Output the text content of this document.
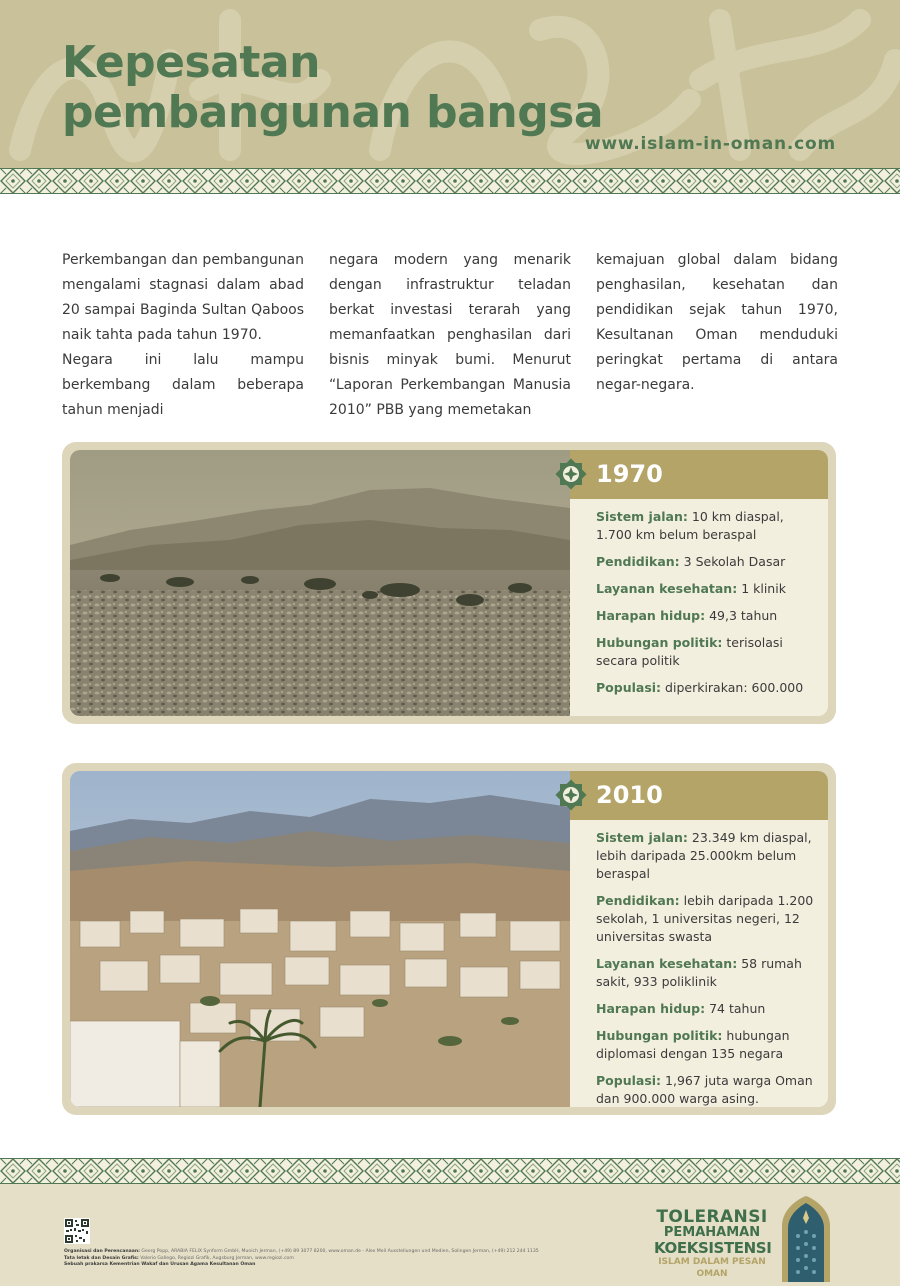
Kepesatan
pembangunan bangsa
www.islam-in-oman.com

Perkembangan dan pembangunan mengalami stagnasi dalam abad 20 sampai Baginda Sultan Qaboos naik tahta pada tahun 1970.

Negara ini lalu mampu berkembang dalam beberapa tahun menjadi

negara modern yang menarik dengan infrastruktur teladan berkat investasi terarah yang memanfaatkan penghasilan dari bisnis minyak bumi. Menurut “Laporan Perkembangan Manusia 2010” PBB yang memetakan

kemajuan global dalam bidang penghasilan, kesehatan dan pendidikan sejak tahun 1970, Kesultanan Oman menduduki peringkat pertama di antara negar-negara.

1970
Sistem jalan: 10 km diaspal, 1.700 km belum beraspal
Pendidikan: 3 Sekolah Dasar
Layanan kesehatan: 1 klinik
Harapan hidup: 49,3 tahun
Hubungan politik: terisolasi secara politik
Populasi: diperkirakan: 600.000
2010
Sistem jalan: 23.349 km diaspal, lebih daripada 25.000km belum beraspal
Pendidikan: lebih daripada 1.200 sekolah, 1 universitas negeri, 12 universitas swasta
Layanan kesehatan: 58 rumah sakit, 933 poliklinik
Harapan hidup: 74 tahun
Hubungan politik: hubungan diplomasi dengan 135 negara
Populasi: 1,967 juta warga Oman dan 900.000 warga asing.
Organisasi dan Perencanaan: Georg Popp, ARABIA FELIX Synform GmbH, Munich Jerman, (+49) 89 3077 8200, www.oman.de - Alex Meil Ausstellungen und Medien, Solingen Jerman, (+49) 212 244 1135
Tata letak dan Desain Grafis: Valerio Gallego, Regiozi Grafik, Augsburg Jerman, www.regiozi.com
Sebuah prakarsa Kementrian Wakaf dan Urusan Agama Kesultanan Oman
TOLERANSI
PEMAHAMAN
KOEKSISTENSI
ISLAM DALAM PESAN OMAN
